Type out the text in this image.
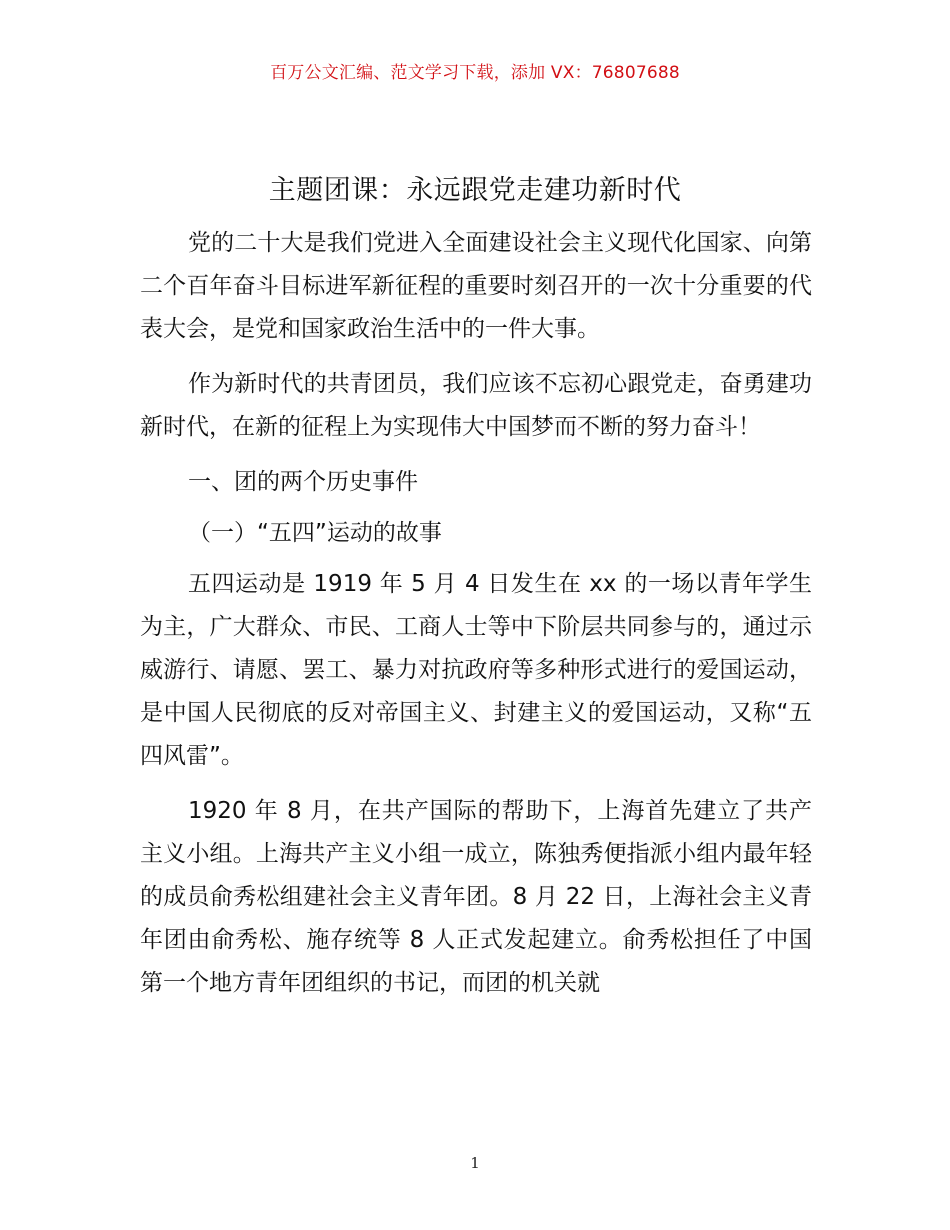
百万公文汇编、范文学习下载，添加 VX：76807688
主题团课：永远跟党走建功新时代

党的二十大是我们党进入全面建设社会主义现代化国家、向第二个百年奋斗目标进军新征程的重要时刻召开的一次十分重要的代表大会，是党和国家政治生活中的一件大事。

作为新时代的共青团员，我们应该不忘初心跟党走，奋勇建功新时代，在新的征程上为实现伟大中国梦而不断的努力奋斗！

一、团的两个历史事件

（一）“五四”运动的故事

五四运动是 1919 年 5 月 4 日发生在 xx 的一场以青年学生为主，广大群众、市民、工商人士等中下阶层共同参与的，通过示威游行、请愿、罢工、暴力对抗政府等多种形式进行的爱国运动，是中国人民彻底的反对帝国主义、封建主义的爱国运动，又称“五四风雷”。

1920 年 8 月，在共产国际的帮助下，上海首先建立了共产主义小组。上海共产主义小组一成立，陈独秀便指派小组内最年轻的成员俞秀松组建社会主义青年团。8 月 22 日，上海社会主义青年团由俞秀松、施存统等 8 人正式发起建立。俞秀松担任了中国第一个地方青年团组织的书记，而团的机关就

1
